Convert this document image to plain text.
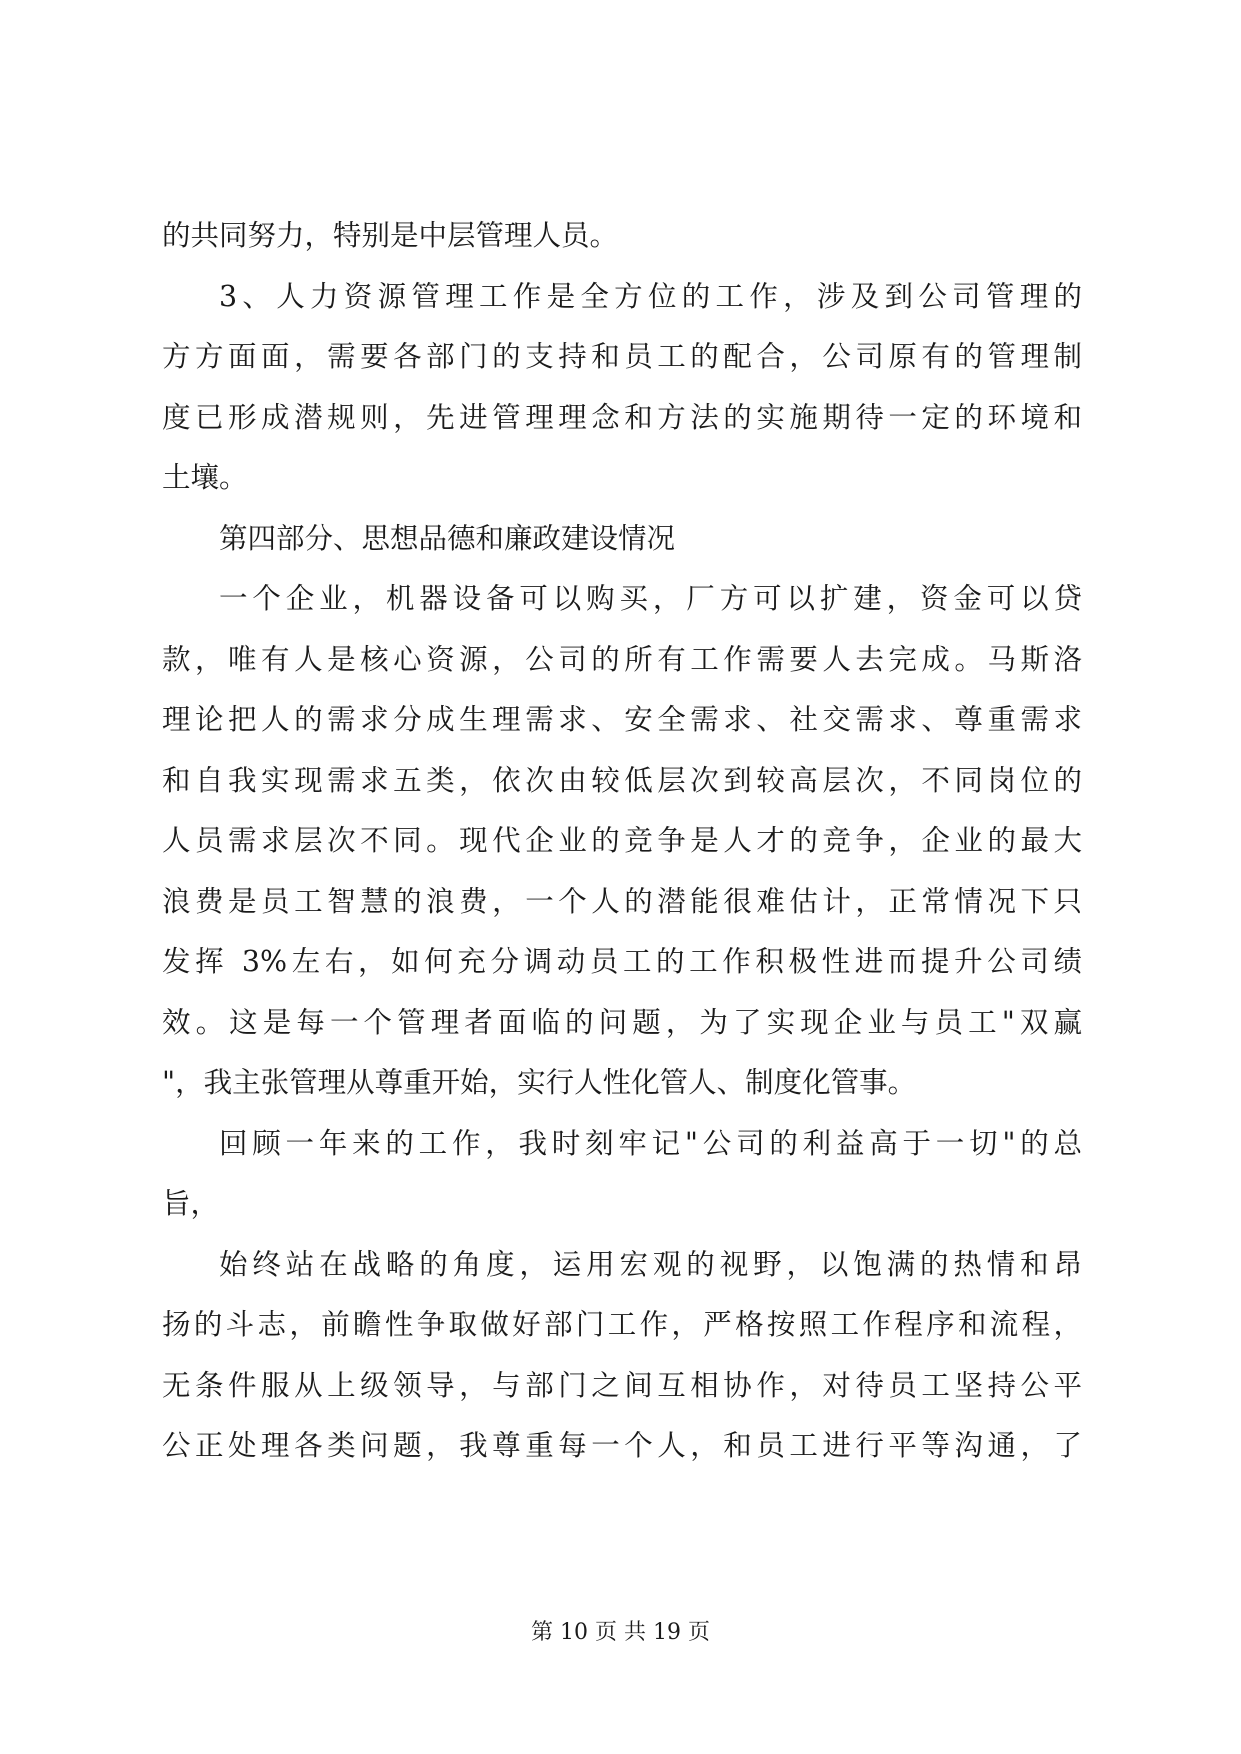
的共同努力，特别是中层管理人员。
3、人力资源管理工作是全方位的工作，涉及到公司管理的
方方面面，需要各部门的支持和员工的配合，公司原有的管理制
度已形成潜规则，先进管理理念和方法的实施期待一定的环境和
土壤。
第四部分、思想品德和廉政建设情况
一个企业，机器设备可以购买，厂方可以扩建，资金可以贷
款，唯有人是核心资源，公司的所有工作需要人去完成。马斯洛
理论把人的需求分成生理需求、安全需求、社交需求、尊重需求
和自我实现需求五类，依次由较低层次到较高层次，不同岗位的
人员需求层次不同。现代企业的竞争是人才的竞争，企业的最大
浪费是员工智慧的浪费，一个人的潜能很难估计，正常情况下只
发挥 3%左右，如何充分调动员工的工作积极性进而提升公司绩
效。这是每一个管理者面临的问题，为了实现企业与员工"双赢
"，我主张管理从尊重开始，实行人性化管人、制度化管事。
回顾一年来的工作，我时刻牢记"公司的利益高于一切"的总
旨，
始终站在战略的角度，运用宏观的视野，以饱满的热情和昂
扬的斗志，前瞻性争取做好部门工作，严格按照工作程序和流程，
无条件服从上级领导，与部门之间互相协作，对待员工坚持公平
公正处理各类问题，我尊重每一个人，和员工进行平等沟通，了
第 10 页 共 19 页
